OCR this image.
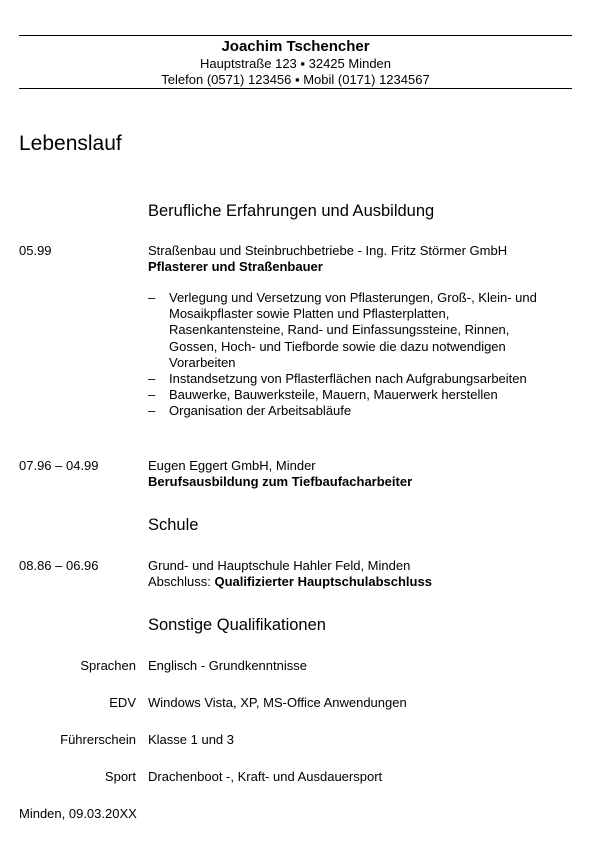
Joachim Tschencher
Hauptstraße 123 ▪ 32425 Minden
Telefon (0571) 123456 ▪ Mobil (0171) 1234567
Lebenslauf
Berufliche Erfahrungen und Ausbildung
05.99	Straßenbau und Steinbruchbetriebe - Ing. Fritz Störmer GmbH
Pflasterer und Straßenbauer
– Verlegung und Versetzung von Pflasterungen, Groß-, Klein- und Mosaikpflaster sowie Platten und Pflasterplatten, Rasenkantensteine, Rand- und Einfassungssteine, Rinnen, Gossen, Hoch- und Tiefborde sowie die dazu notwendigen Vorarbeiten
– Instandsetzung von Pflasterflächen nach Aufgrabungsarbeiten
– Bauwerke, Bauwerksteile, Mauern, Mauerwerk herstellen
– Organisation der Arbeitsabläufe
07.96 – 04.99	Eugen Eggert GmbH, Minder
Berufsausbildung zum Tiefbaufacharbeiter
Schule
08.86 – 06.96	Grund- und Hauptschule Hahler Feld, Minden
Abschluss: Qualifizierter Hauptschulabschluss
Sonstige Qualifikationen
Sprachen Englisch - Grundkenntnisse
EDV Windows Vista, XP, MS-Office Anwendungen
Führerschein Klasse 1 und 3
Sport Drachenboot -, Kraft- und Ausdauersport
Minden, 09.03.20XX
